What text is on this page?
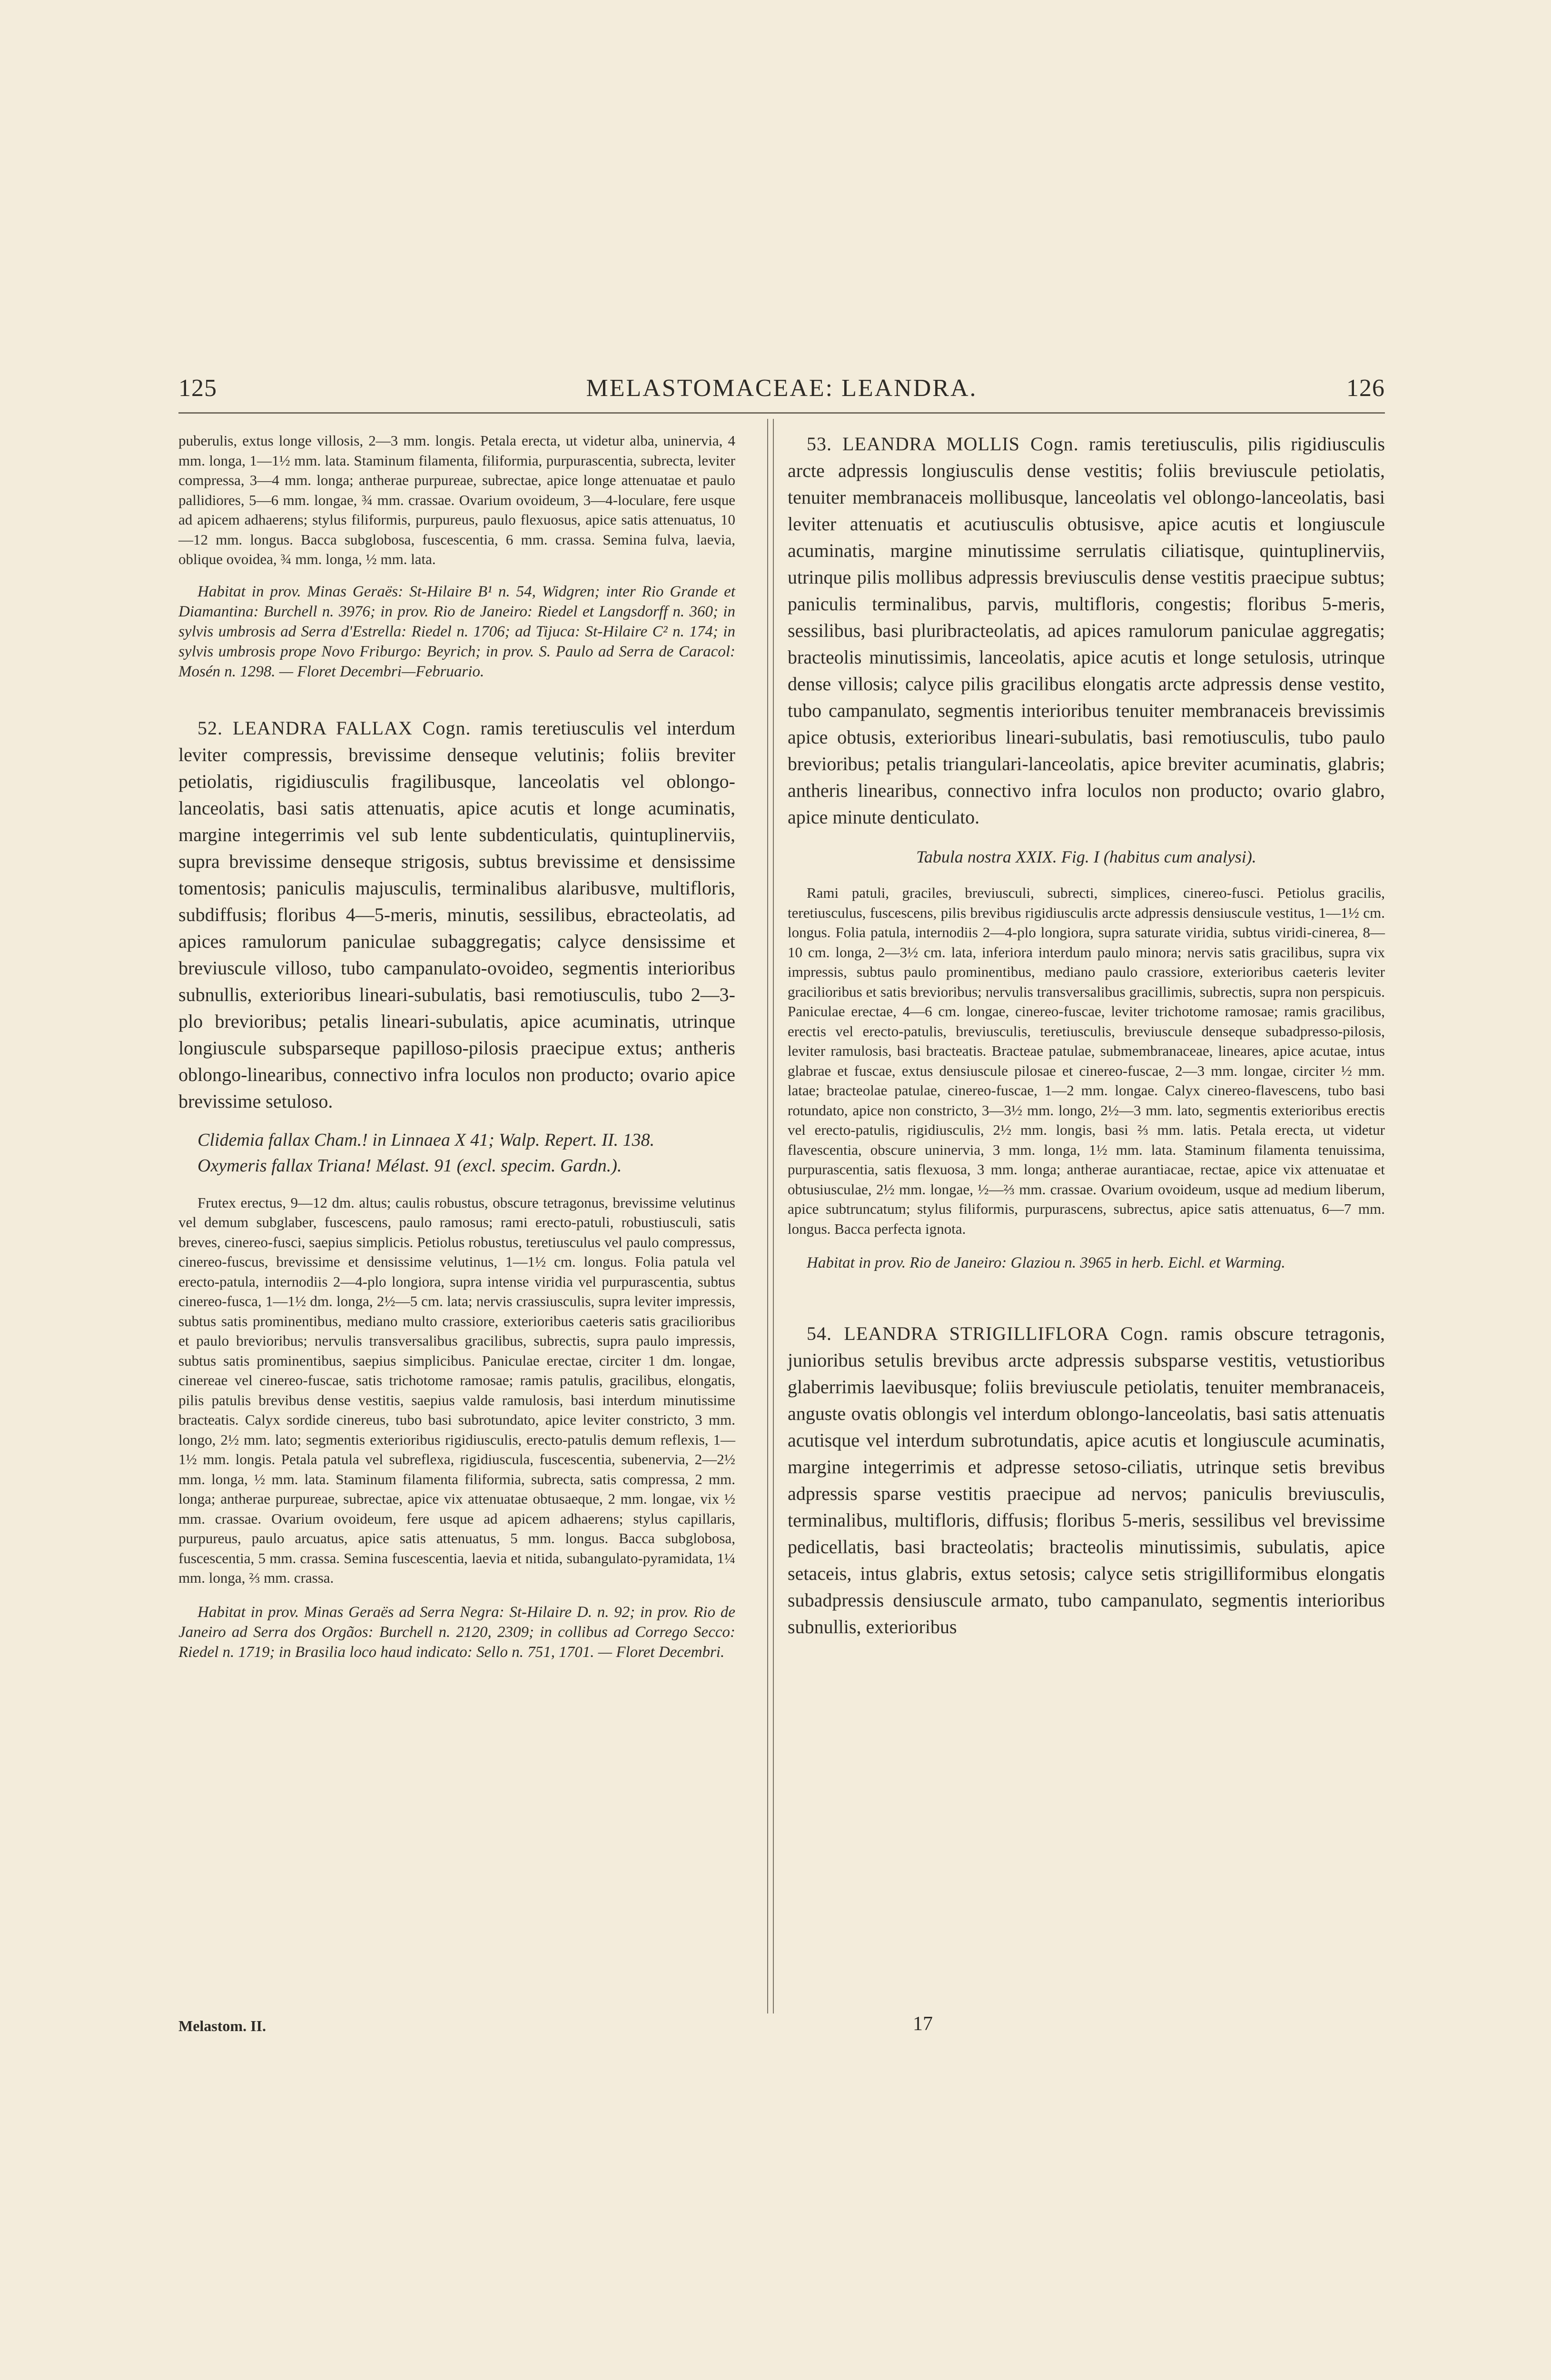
125	MELASTOMACEAE: LEANDRA.	126

puberulis, extus longe villosis, 2—3 mm. longis. Petala erecta, ut videtur alba, uninervia, 4 mm. longa, 1—1½ mm. lata. Staminum filamenta, filiformia, purpurascentia, subrecta, leviter compressa, 3—4 mm. longa; antherae purpureae, subrectae, apice longe attenuatae et paulo pallidiores, 5—6 mm. longae, ¾ mm. crassae. Ovarium ovoideum, 3—4-loculare, fere usque ad apicem adhaerens; stylus filiformis, purpureus, paulo flexuosus, apice satis attenuatus, 10—12 mm. longus. Bacca subglobosa, fuscescentia, 6 mm. crassa. Semina fulva, laevia, oblique ovoidea, ¾ mm. longa, ½ mm. lata.

Habitat in prov. Minas Geraës: St-Hilaire B¹ n. 54, Widgren; inter Rio Grande et Diamantina: Burchell n. 3976; in prov. Rio de Janeiro: Riedel et Langsdorff n. 360; in sylvis umbrosis ad Serra d'Estrella: Riedel n. 1706; ad Tijuca: St-Hilaire C² n. 174; in sylvis umbrosis prope Novo Friburgo: Beyrich; in prov. S. Paulo ad Serra de Caracol: Mosén n. 1298. — Floret Decembri—Februario.

52. LEANDRA FALLAX Cogn. ramis teretiusculis vel interdum leviter compressis, brevissime denseque velutinis; foliis breviter petiolatis, rigidiusculis fragilibusque, lanceolatis vel oblongo-lanceolatis, basi satis attenuatis, apice acutis et longe acuminatis, margine integerrimis vel sub lente subdenticulatis, quintuplinerviis, supra brevissime denseque strigosis, subtus brevissime et densissime tomentosis; paniculis majusculis, terminalibus alaribusve, multifloris, subdiffusis; floribus 4—5-meris, minutis, sessilibus, ebracteolatis, ad apices ramulorum paniculae subaggregatis; calyce densissime et breviuscule villoso, tubo campanulato-ovoideo, segmentis interioribus subnullis, exterioribus lineari-subulatis, basi remotiusculis, tubo 2—3-plo brevioribus; petalis lineari-subulatis, apice acuminatis, utrinque longiuscule subsparseque papilloso-pilosis praecipue extus; antheris oblongo-linearibus, connectivo infra loculos non producto; ovario apice brevissime setuloso.

Clidemia fallax Cham.! in Linnaea X 41; Walp. Repert. II. 138.

Oxymeris fallax Triana! Mélast. 91 (excl. specim. Gardn.).

Frutex erectus, 9—12 dm. altus; caulis robustus, obscure tetragonus, brevissime velutinus vel demum subglaber, fuscescens, paulo ramosus; rami erecto-patuli, robustiusculi, satis breves, cinereo-fusci, saepius simplicis. Petiolus robustus, teretiusculus vel paulo compressus, cinereo-fuscus, brevissime et densissime velutinus, 1—1½ cm. longus. Folia patula vel erecto-patula, internodiis 2—4-plo longiora, supra intense viridia vel purpurascentia, subtus cinereo-fusca, 1—1½ dm. longa, 2½—5 cm. lata; nervis crassiusculis, supra leviter impressis, subtus satis prominentibus, mediano multo crassiore, exterioribus caeteris satis gracilioribus et paulo brevioribus; nervulis transversalibus gracilibus, subrectis, supra paulo impressis, subtus satis prominentibus, saepius simplicibus. Paniculae erectae, circiter 1 dm. longae, cinereae vel cinereo-fuscae, satis trichotome ramosae; ramis patulis, gracilibus, elongatis, pilis patulis brevibus dense vestitis, saepius valde ramulosis, basi interdum minutissime bracteatis. Calyx sordide cinereus, tubo basi subrotundato, apice leviter constricto, 3 mm. longo, 2½ mm. lato; segmentis exterioribus rigidiusculis, erecto-patulis demum reflexis, 1—1½ mm. longis. Petala patula vel subreflexa, rigidiuscula, fuscescentia, subenervia, 2—2½ mm. longa, ½ mm. lata. Staminum filamenta filiformia, subrecta, satis compressa, 2 mm. longa; antherae purpureae, subrectae, apice vix attenuatae obtusaeque, 2 mm. longae, vix ½ mm. crassae. Ovarium ovoideum, fere usque ad apicem adhaerens; stylus capillaris, purpureus, paulo arcuatus, apice satis attenuatus, 5 mm. longus. Bacca subglobosa, fuscescentia, 5 mm. crassa. Semina fuscescentia, laevia et nitida, subangulato-pyramidata, 1¼ mm. longa, ⅔ mm. crassa.

Habitat in prov. Minas Geraës ad Serra Negra: St-Hilaire D. n. 92; in prov. Rio de Janeiro ad Serra dos Orgãos: Burchell n. 2120, 2309; in collibus ad Corrego Secco: Riedel n. 1719; in Brasilia loco haud indicato: Sello n. 751, 1701. — Floret Decembri.

53. LEANDRA MOLLIS Cogn. ramis teretiusculis, pilis rigidiusculis arcte adpressis longiusculis dense vestitis; foliis breviuscule petiolatis, tenuiter membranaceis mollibusque, lanceolatis vel oblongo-lanceolatis, basi leviter attenuatis et acutiusculis obtusisve, apice acutis et longiuscule acuminatis, margine minutissime serrulatis ciliatisque, quintuplinerviis, utrinque pilis mollibus adpressis breviusculis dense vestitis praecipue subtus; paniculis terminalibus, parvis, multifloris, congestis; floribus 5-meris, sessilibus, basi pluribracteolatis, ad apices ramulorum paniculae aggregatis; bracteolis minutissimis, lanceolatis, apice acutis et longe setulosis, utrinque dense villosis; calyce pilis gracilibus elongatis arcte adpressis dense vestito, tubo campanulato, segmentis interioribus tenuiter membranaceis brevissimis apice obtusis, exterioribus lineari-subulatis, basi remotiusculis, tubo paulo brevioribus; petalis triangulari-lanceolatis, apice breviter acuminatis, glabris; antheris linearibus, connectivo infra loculos non producto; ovario glabro, apice minute denticulato.

Tabula nostra XXIX. Fig. I (habitus cum analysi).

Rami patuli, graciles, breviusculi, subrecti, simplices, cinereo-fusci. Petiolus gracilis, teretiusculus, fuscescens, pilis brevibus rigidiusculis arcte adpressis densiuscule vestitus, 1—1½ cm. longus. Folia patula, internodiis 2—4-plo longiora, supra saturate viridia, subtus viridi-cinerea, 8—10 cm. longa, 2—3½ cm. lata, inferiora interdum paulo minora; nervis satis gracilibus, supra vix impressis, subtus paulo prominentibus, mediano paulo crassiore, exterioribus caeteris leviter gracilioribus et satis brevioribus; nervulis transversalibus gracillimis, subrectis, supra non perspicuis. Paniculae erectae, 4—6 cm. longae, cinereo-fuscae, leviter trichotome ramosae; ramis gracilibus, erectis vel erecto-patulis, breviusculis, teretiusculis, breviuscule denseque subadpresso-pilosis, leviter ramulosis, basi bracteatis. Bracteae patulae, submembranaceae, lineares, apice acutae, intus glabrae et fuscae, extus densiuscule pilosae et cinereo-fuscae, 2—3 mm. longae, circiter ½ mm. latae; bracteolae patulae, cinereo-fuscae, 1—2 mm. longae. Calyx cinereo-flavescens, tubo basi rotundato, apice non constricto, 3—3½ mm. longo, 2½—3 mm. lato, segmentis exterioribus erectis vel erecto-patulis, rigidiusculis, 2½ mm. longis, basi ⅔ mm. latis. Petala erecta, ut videtur flavescentia, obscure uninervia, 3 mm. longa, 1½ mm. lata. Staminum filamenta tenuissima, purpurascentia, satis flexuosa, 3 mm. longa; antherae aurantiacae, rectae, apice vix attenuatae et obtusiusculae, 2½ mm. longae, ½—⅔ mm. crassae. Ovarium ovoideum, usque ad medium liberum, apice subtruncatum; stylus filiformis, purpurascens, subrectus, apice satis attenuatus, 6—7 mm. longus. Bacca perfecta ignota.

Habitat in prov. Rio de Janeiro: Glaziou n. 3965 in herb. Eichl. et Warming.

54. LEANDRA STRIGILLIFLORA Cogn. ramis obscure tetragonis, junioribus setulis brevibus arcte adpressis subsparse vestitis, vetustioribus glaberrimis laevibusque; foliis breviuscule petiolatis, tenuiter membranaceis, anguste ovatis oblongis vel interdum oblongo-lanceolatis, basi satis attenuatis acutisque vel interdum subrotundatis, apice acutis et longiuscule acuminatis, margine integerrimis et adpresse setoso-ciliatis, utrinque setis brevibus adpressis sparse vestitis praecipue ad nervos; paniculis breviusculis, terminalibus, multifloris, diffusis; floribus 5-meris, sessilibus vel brevissime pedicellatis, basi bracteolatis; bracteolis minutissimis, subulatis, apice setaceis, intus glabris, extus setosis; calyce setis strigilliformibus elongatis subadpressis densiuscule armato, tubo campanulato, segmentis interioribus subnullis, exterioribus

Melastom. II.	17
